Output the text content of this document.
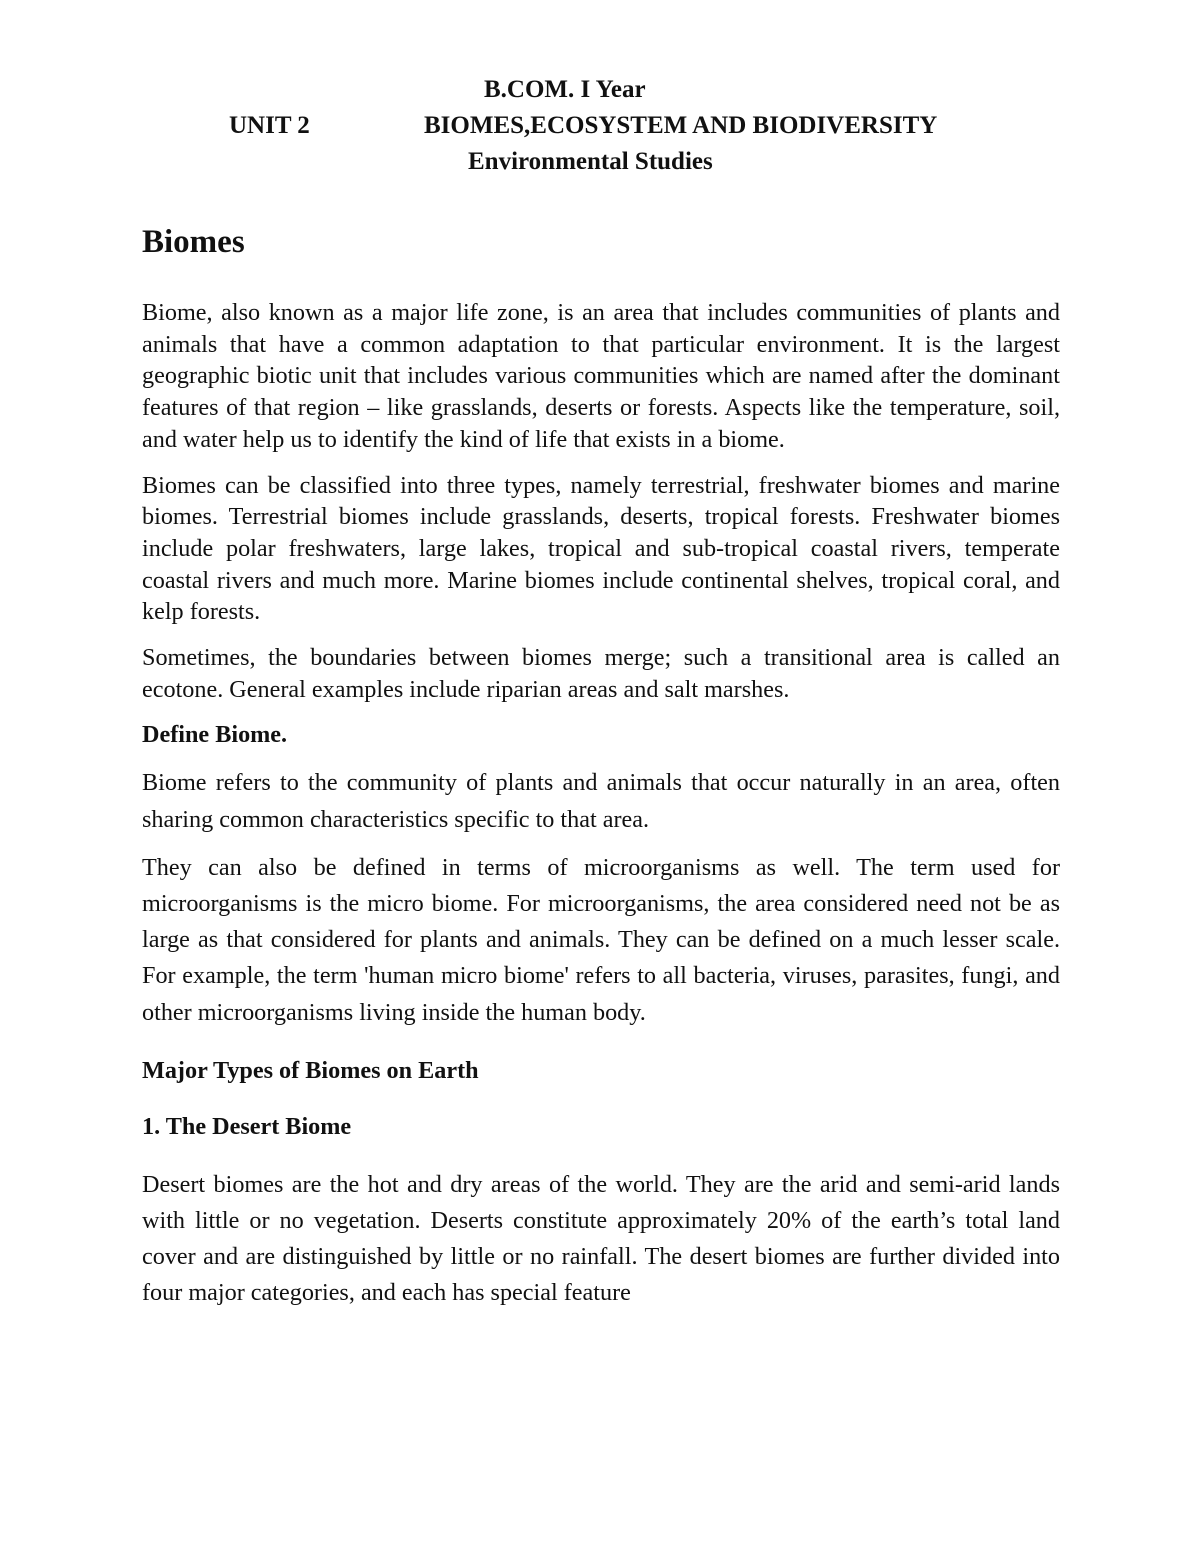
B.COM. I Year
UNIT 2	BIOMES,ECOSYSTEM AND BIODIVERSITY
Environmental Studies
Biomes

Biome, also known as a major life zone, is an area that includes communities of plants and animals that have a common adaptation to that particular environment. It is the largest geographic biotic unit that includes various communities which are named after the dominant features of that region – like grasslands, deserts or forests. Aspects like the temperature, soil, and water help us to identify the kind of life that exists in a biome.

Biomes can be classified into three types, namely terrestrial, freshwater biomes and marine biomes. Terrestrial biomes include grasslands, deserts, tropical forests. Freshwater biomes include polar freshwaters, large lakes, tropical and sub-tropical coastal rivers, temperate coastal rivers and much more. Marine biomes include continental shelves, tropical coral, and kelp forests.

Sometimes, the boundaries between biomes merge; such a transitional area is called an ecotone. General examples include riparian areas and salt marshes.

Define Biome.

Biome refers to the community of plants and animals that occur naturally in an area, often sharing common characteristics specific to that area.

They can also be defined in terms of microorganisms as well. The term used for microorganisms is the micro biome. For microorganisms, the area considered need not be as large as that considered for plants and animals. They can be defined on a much lesser scale. For example, the term 'human micro biome' refers to all bacteria, viruses, parasites, fungi, and other microorganisms living inside the human body.

Major Types of Biomes on Earth
1. The Desert Biome

Desert biomes are the hot and dry areas of the world. They are the arid and semi-arid lands with little or no vegetation. Deserts constitute approximately 20% of the earth’s total land cover and are distinguished by little or no rainfall. The desert biomes are further divided into four major categories, and each has special feature
